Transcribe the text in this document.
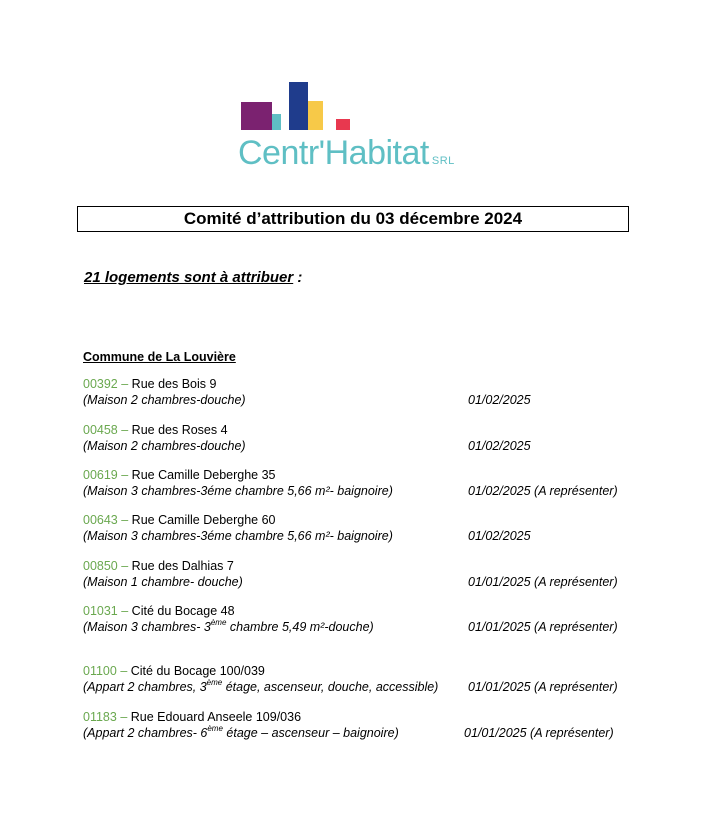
Centr'Habitat SRL
Comité d’attribution du 03 décembre 2024
21 logements sont à attribuer :
Commune de La Louvière
00392 – Rue des Bois 9
(Maison 2 chambres-douche)	01/02/2025
00458 – Rue des Roses 4
(Maison 2 chambres-douche)	01/02/2025
00619 – Rue Camille Deberghe 35
(Maison 3 chambres-3éme chambre 5,66 m²- baignoire)	01/02/2025 (A représenter)
00643 – Rue Camille Deberghe 60
(Maison 3 chambres-3éme chambre 5,66 m²- baignoire)	01/02/2025
00850 – Rue des Dalhias 7
(Maison 1 chambre- douche)	01/01/2025 (A représenter)
01031 – Cité du Bocage 48
(Maison 3 chambres- 3ème chambre 5,49 m²-douche)	01/01/2025 (A représenter)
01100 – Cité du Bocage 100/039
(Appart 2 chambres, 3ème étage, ascenseur, douche, accessible) 01/01/2025 (A représenter)
01183 – Rue Edouard Anseele 109/036
(Appart 2 chambres- 6ème étage – ascenseur – baignoire)	01/01/2025 (A représenter)
